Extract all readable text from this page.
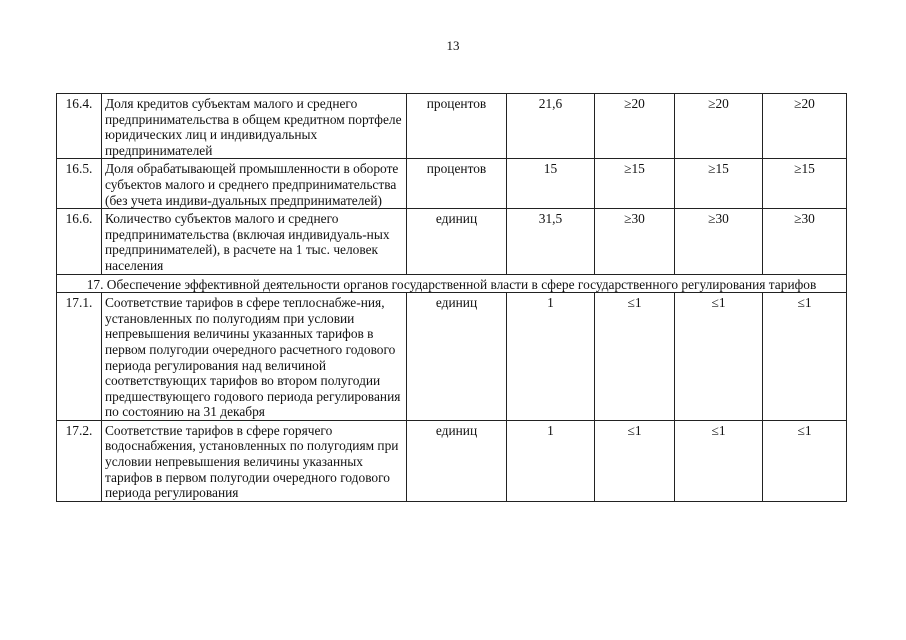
13
16.4.	Доля кредитов субъектам малого и среднего предпринимательства в общем кредитном портфеле юридических лиц и индивидуальных предпринимателей	процентов	21,6	≥20	≥20	≥20
16.5.	Доля обрабатывающей промышленности в обороте субъектов малого и среднего предпринимательства (без учета индиви-дуальных предпринимателей)	процентов	15	≥15	≥15	≥15
16.6.	Количество субъектов малого и среднего предпринимательства (включая индивидуаль-ных предпринимателей), в расчете на 1 тыс. человек населения	единиц	31,5	≥30	≥30	≥30
17. Обеспечение эффективной деятельности органов государственной власти в сфере государственного регулирования тарифов						
17.1.	Соответствие тарифов в сфере теплоснабже-ния, установленных по полугодиям при условии непревышения величины указанных тарифов в первом полугодии очередного расчетного годового периода регулирования над величиной соответствующих тарифов во втором полугодии предшествующего годового периода регулирования по состоянию на 31 декабря	единиц	1	≤1	≤1	≤1
17.2.	Соответствие тарифов в сфере горячего водоснабжения, установленных по полугодиям при условии непревышения величины указанных тарифов в первом полугодии очередного годового периода регулирования	единиц	1	≤1	≤1	≤1
